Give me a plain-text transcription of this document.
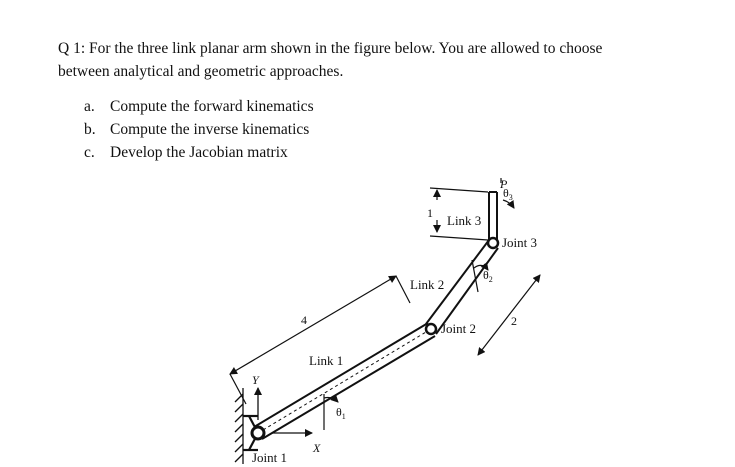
Q 1: For the three link planar arm shown in the figure below. You are allowed to choose
between analytical and geometric approaches.
a. Compute the forward kinematics
b. Compute the inverse kinematics
c. Develop the Jacobian matrix
Joint 1
Joint 2
Joint 3
Link 1
Link 2
Link 3
4	2
1
X
Y
P
$\theta_1$
$\theta_2$
$\theta_3$
